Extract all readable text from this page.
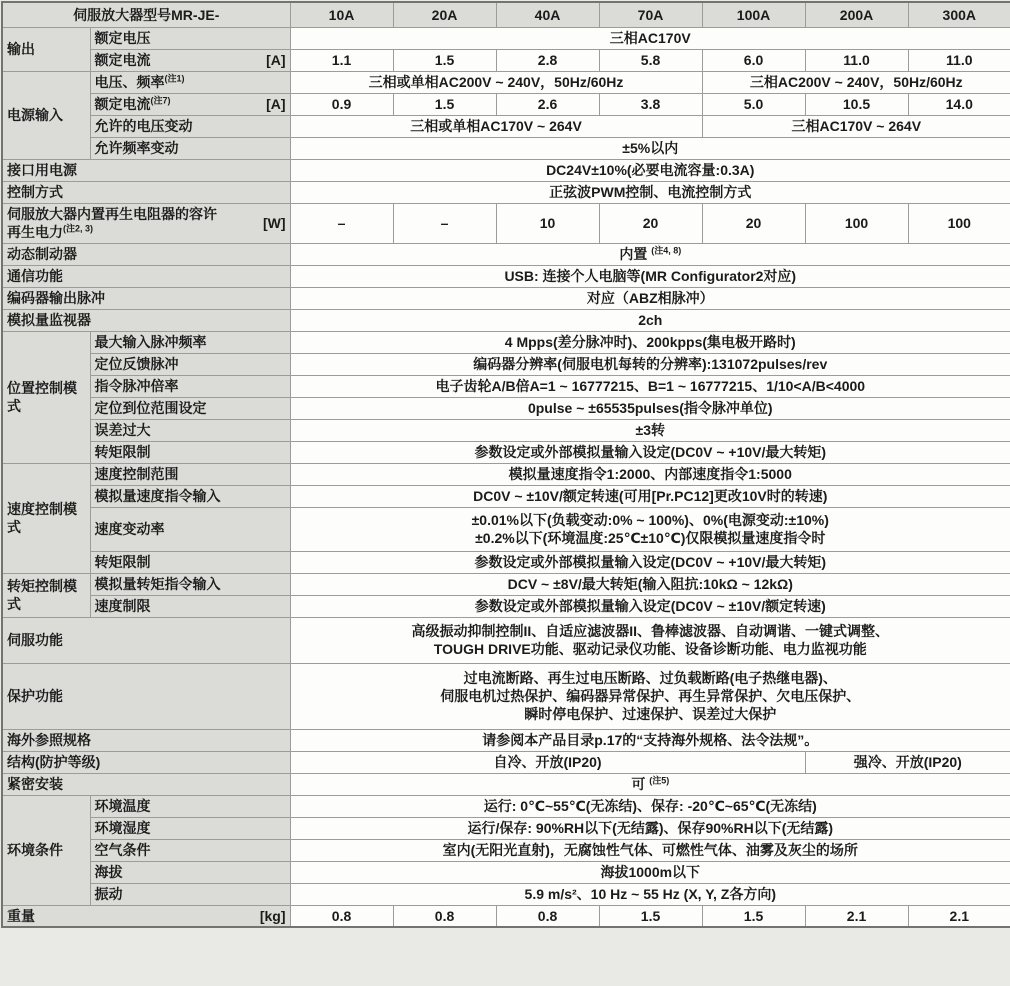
伺服放大器型号MR-JE-		10A	20A	40A	70A	100A	200A	300A
输出	额定电压	三相AC170V						

	额定电流 [A]	1.1	1.5	2.8	5.8	6.0	11.0	11.0
电源输入	电压、频率$^{(注1)}$	三相或单相AC200V ~ 240V，50Hz/60Hz				三相AC200V ~ 240V，50Hz/60Hz		

	额定电流$^{(注7)}$ [A]	0.9	1.5	2.6	3.8	5.0	10.5	14.0
	允许的电压变动	三相或单相AC170V ~ 264V				三相AC170V ~ 264V		
	允许频率变动	±5%以内						
接口用电源		DC24V±10%(必要电流容量:0.3A)						
控制方式		正弦波PWM控制、电流控制方式						

伺服放大器内置再生电阻器的容许
再生电力$^{(注2, 3)}$ [W]		–	–	10	20	20	100	100
动态制动器		内置 $^{(注4, 8)}$
通信功能		USB: 连接个人电脑等(MR Configurator2对应)						
编码器输出脉冲		对应（ABZ相脉冲）						
模拟量监视器		2ch						
位置控制模式	最大输入脉冲频率	4 Mpps(差分脉冲时)、200kpps(集电极开路时)						
	定位反馈脉冲	编码器分辨率(伺服电机每转的分辨率):131072pulses/rev						
	指令脉冲倍率	电子齿轮A/B倍A=1 ~ 16777215、B=1 ~ 16777215、1/10<A/B<4000						
	定位到位范围设定	0pulse ~ ±65535pulses(指令脉冲单位)						
	误差过大	±3转						
	转矩限制	参数设定或外部模拟量输入设定(DC0V ~ +10V/最大转矩)						
速度控制模式	速度控制范围	模拟量速度指令1:2000、内部速度指令1:5000						
	模拟量速度指令输入	DC0V ~ ±10V/额定转速(可用[Pr.PC12]更改10V时的转速)						
	速度变动率	±0.01%以下(负载变动:0% ~ 100%)、0%(电源变动:±10%)
±0.2%以下(环境温度:25℃±10℃)仅限模拟量速度指令时						

	转矩限制	参数设定或外部模拟量输入设定(DC0V ~ +10V/最大转矩)						
转矩控制模式	模拟量转矩指令输入	DCV ~ ±8V/最大转矩(输入阻抗:10kΩ ~ 12kΩ)						
	速度制限	参数设定或外部模拟量输入设定(DC0V ~ ±10V/额定转速)						
伺服功能		高级振动抑制控制II、自适应滤波器II、鲁棒滤波器、自动调谐、一键式调整、
TOUGH DRIVE功能、驱动记录仪功能、设备诊断功能、电力监视功能						

保护功能		过电流断路、再生过电压断路、过负载断路(电子热继电器)、
伺服电机过热保护、编码器异常保护、再生异常保护、欠电压保护、
瞬时停电保护、过速保护、误差过大保护						

海外参照规格		请参阅本产品目录p.17的“支持海外规格、法令法规”。						
结构(防护等级)		自冷、开放(IP20)					强冷、开放(IP20)	
紧密安装		可 $^{(注5)}$
环境条件	环境温度	运行: 0℃~55℃(无冻结)、保存: -20℃~65℃(无冻结)						
	环境湿度	运行/保存: 90%RH以下(无结露)、保存90%RH以下(无结露)						
	空气条件	室内(无阳光直射)，无腐蚀性气体、可燃性气体、油雾及灰尘的场所						
	海拔	海拔1000m以下						
	振动	5.9 m/s²、10 Hz ~ 55 Hz (X, Y, Z各方向)						

重量 [kg]		0.8	0.8	0.8	1.5	1.5	2.1	2.1
